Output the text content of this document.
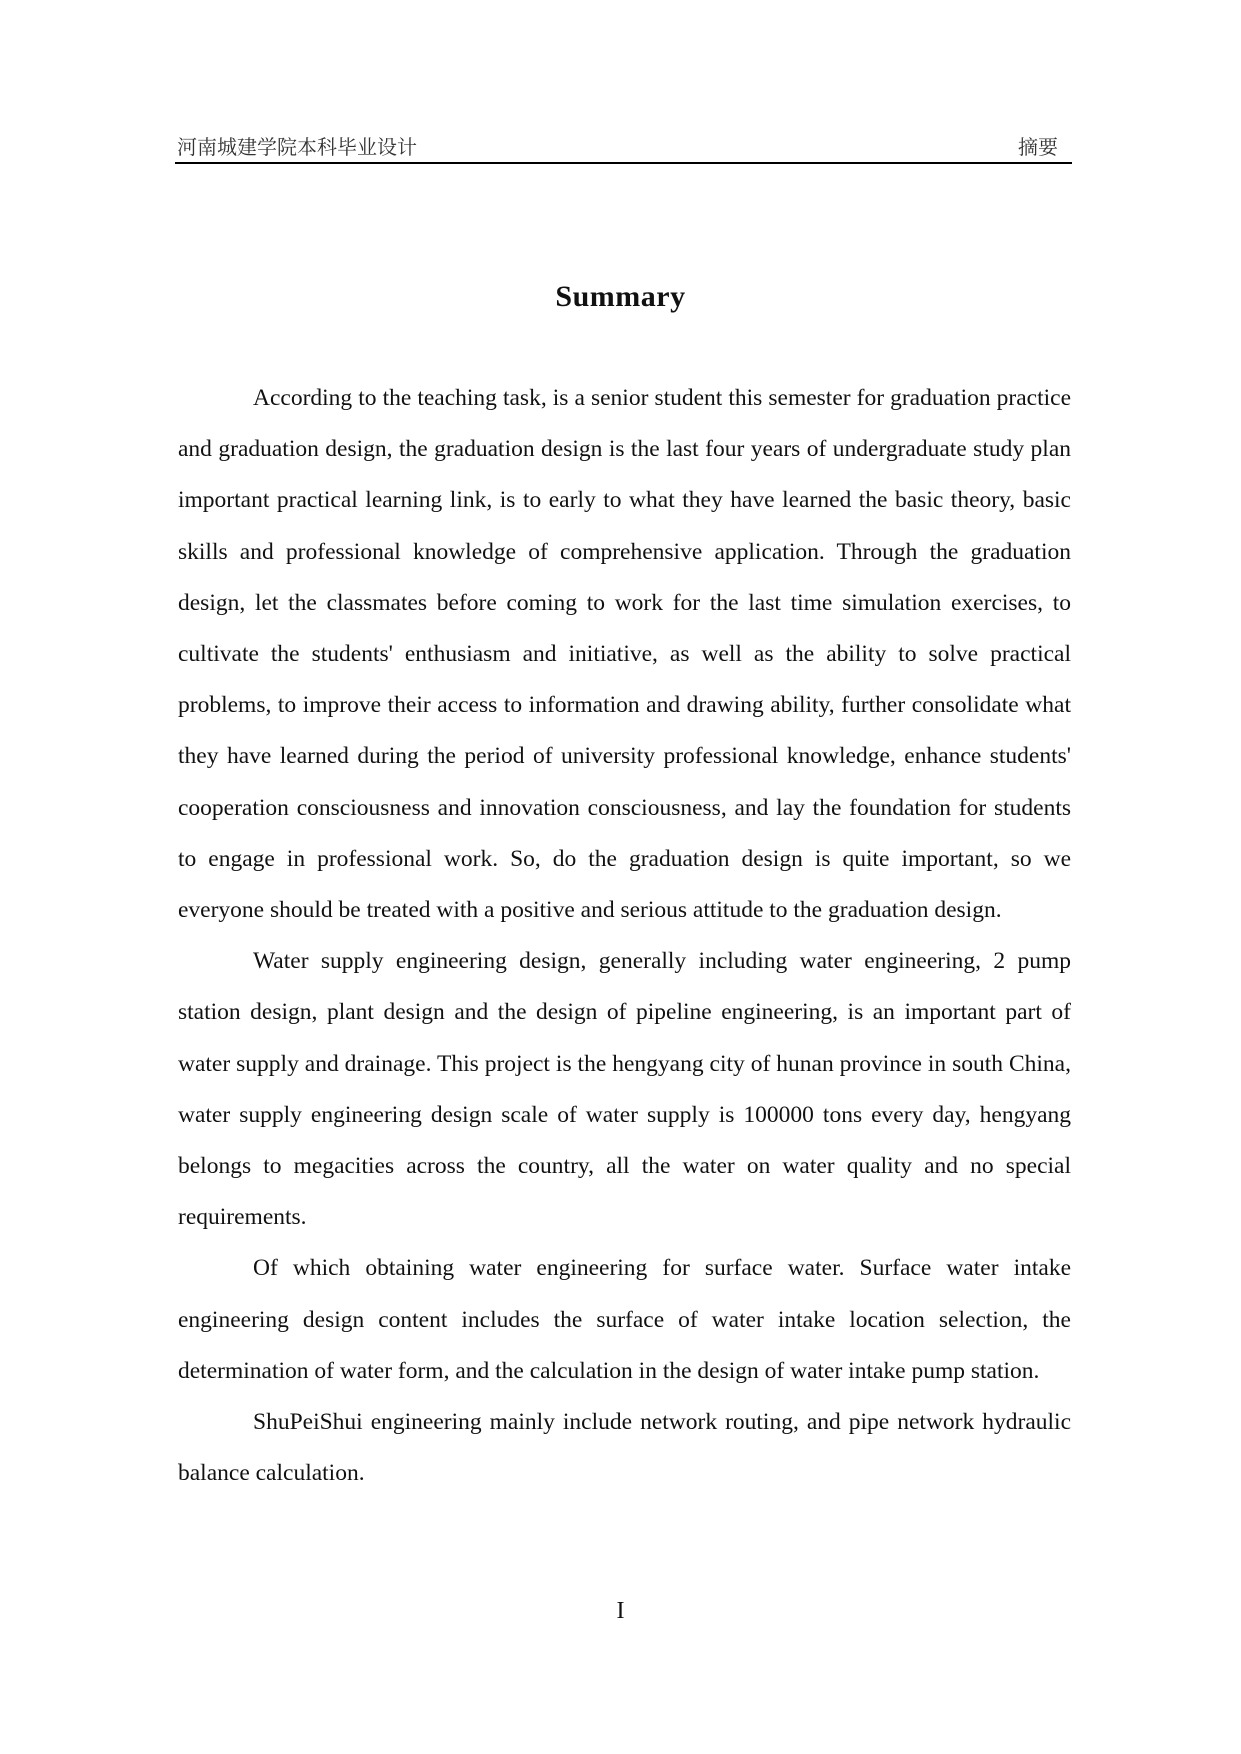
河南城建学院本科毕业设计	摘要
Summary

According to the teaching task, is a senior student this semester for graduation practice and graduation design, the graduation design is the last four years of undergraduate study plan important practical learning link, is to early to what they have learned the basic theory, basic skills and professional knowledge of comprehensive application. Through the graduation design, let the classmates before coming to work for the last time simulation exercises, to cultivate the students' enthusiasm and initiative, as well as the ability to solve practical problems, to improve their access to information and drawing ability, further consolidate what they have learned during the period of university professional knowledge, enhance students' cooperation consciousness and innovation consciousness, and lay the foundation for students to engage in professional work. So, do the graduation design is quite important, so we everyone should be treated with a positive and serious attitude to the graduation design.

Water supply engineering design, generally including water engineering, 2 pump station design, plant design and the design of pipeline engineering, is an important part of water supply and drainage. This project is the hengyang city of hunan province in south China, water supply engineering design scale of water supply is 100000 tons every day, hengyang belongs to megacities across the country, all the water on water quality and no special requirements.

Of which obtaining water engineering for surface water. Surface water intake engineering design content includes the surface of water intake location selection, the determination of water form, and the calculation in the design of water intake pump station.

ShuPeiShui engineering mainly include network routing, and pipe network hydraulic balance calculation.

I
